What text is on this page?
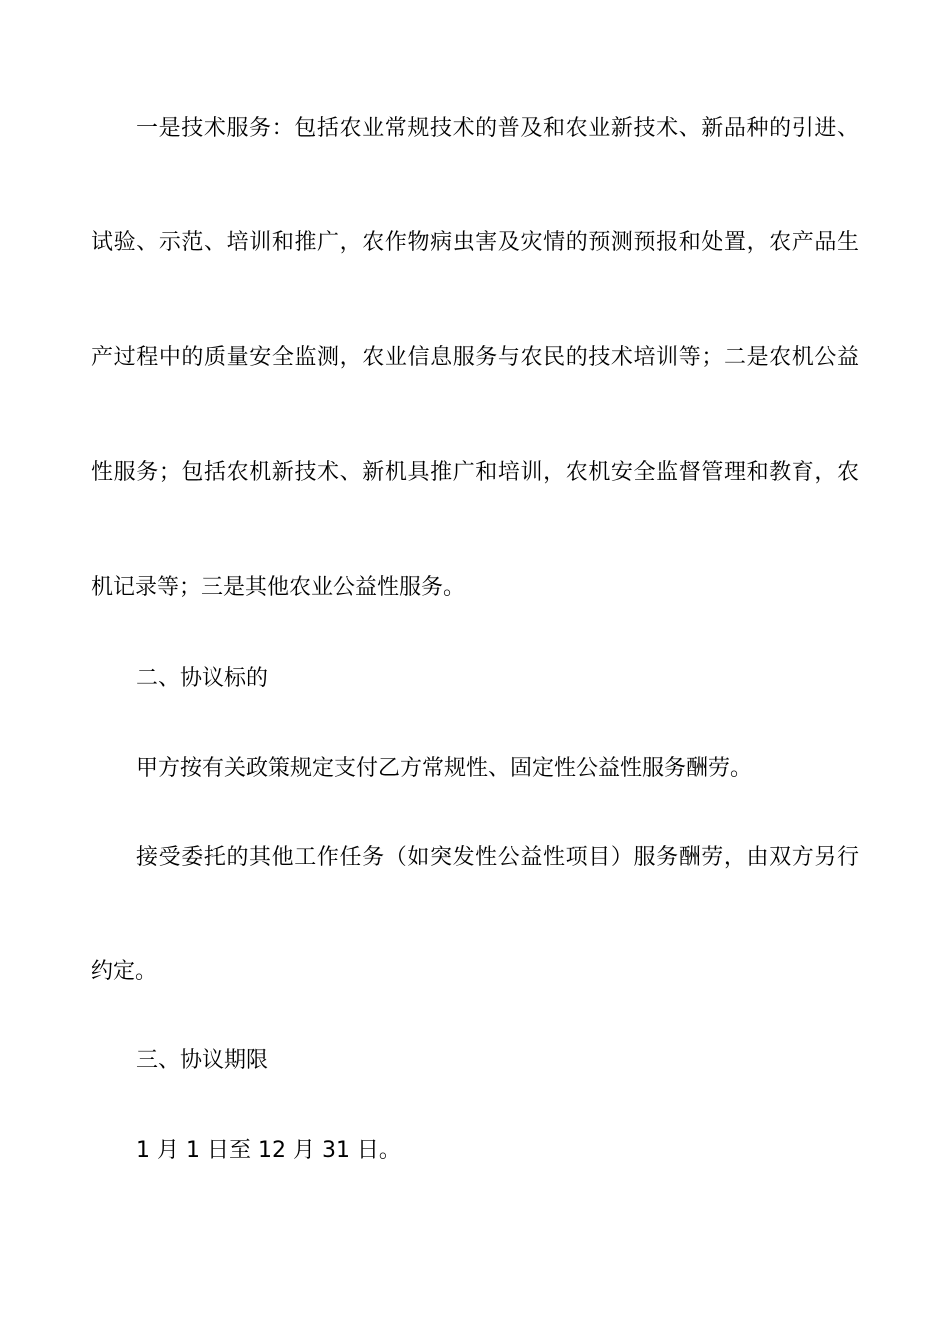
一是技术服务：包括农业常规技术的普及和农业新技术、新品种的引进、
试验、示范、培训和推广，农作物病虫害及灾情的预测预报和处置，农产品生
产过程中的质量安全监测，农业信息服务与农民的技术培训等；二是农机公益
性服务；包括农机新技术、新机具推广和培训，农机安全监督管理和教育，农
机记录等；三是其他农业公益性服务。
二、协议标的
甲方按有关政策规定支付乙方常规性、固定性公益性服务酬劳。
接受委托的其他工作任务（如突发性公益性项目）服务酬劳，由双方另行
约定。
三、协议期限
1 月 1 日至 12 月 31 日。
